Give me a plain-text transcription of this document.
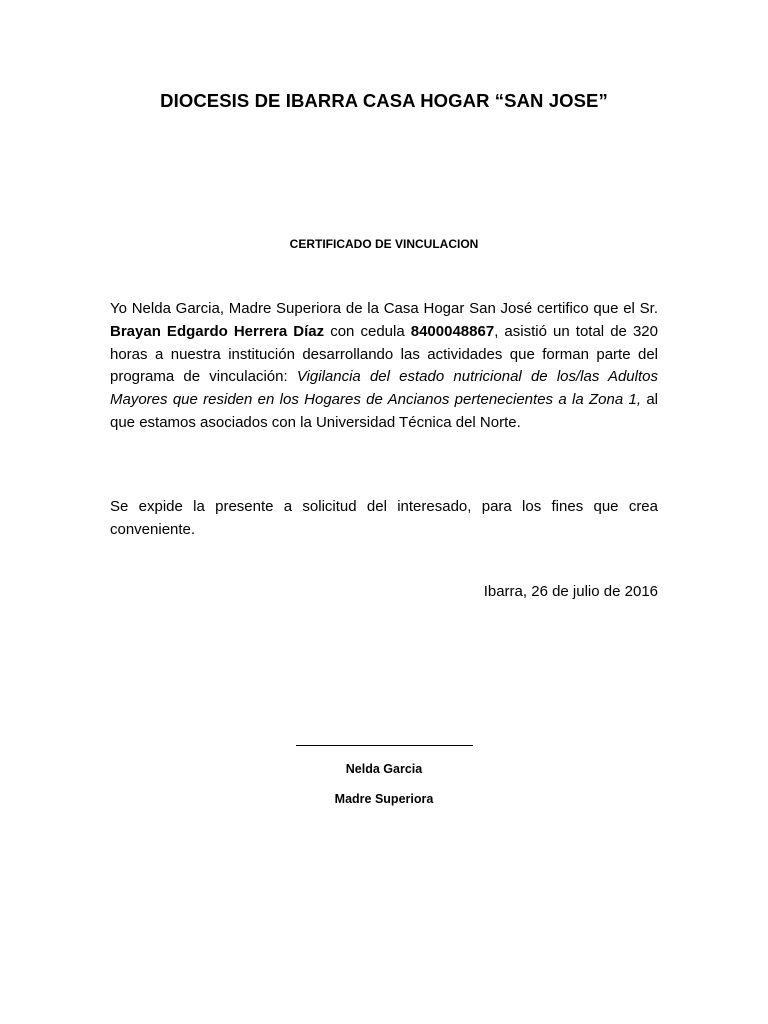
DIOCESIS DE IBARRA CASA HOGAR “SAN JOSE”
CERTIFICADO DE VINCULACION
Yo Nelda Garcia, Madre Superiora de la Casa Hogar San José certifico que el Sr. Brayan Edgardo Herrera Díaz con cedula 8400048867, asistió un total de 320 horas a nuestra institución desarrollando las actividades que forman parte del programa de vinculación: Vigilancia del estado nutricional de los/las Adultos Mayores que residen en los Hogares de Ancianos pertenecientes a la Zona 1, al que estamos asociados con la Universidad Técnica del Norte.
Se expide la presente a solicitud del interesado, para los fines que crea conveniente.
Ibarra, 26 de julio de 2016
Nelda Garcia
Madre Superiora
